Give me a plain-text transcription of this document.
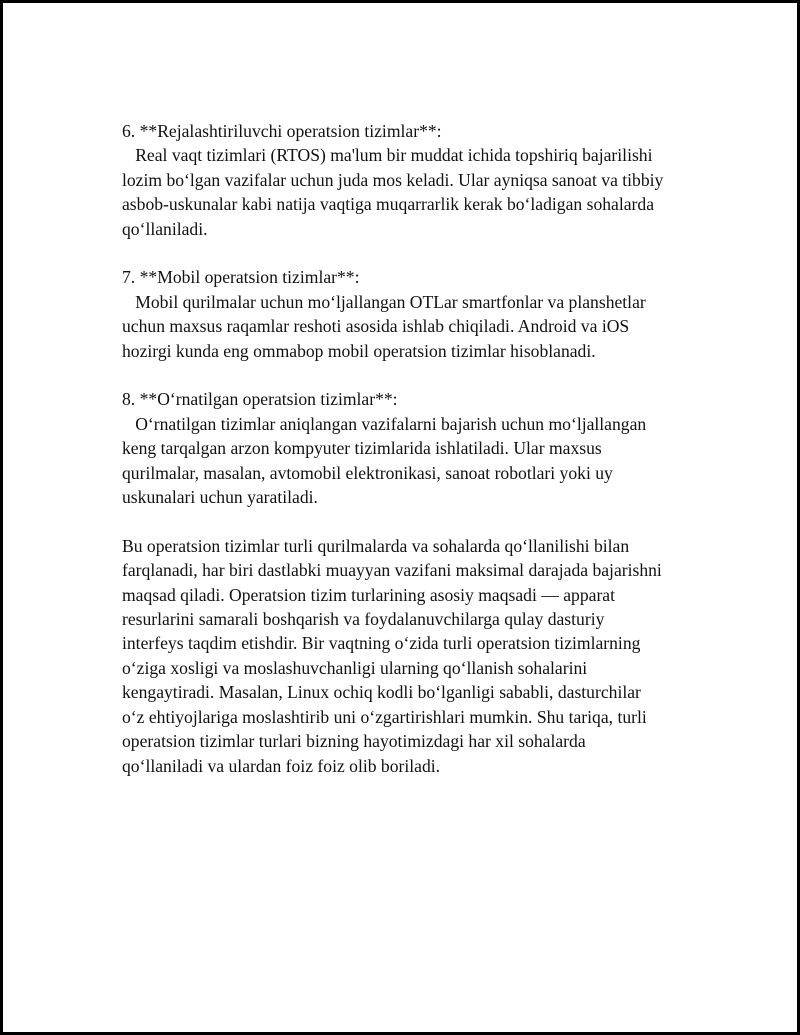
6. **Rejalashtiriluvchi operatsion tizimlar**:
Real vaqt tizimlari (RTOS) ma'lum bir muddat ichida topshiriq bajarilishi
lozim boʻlgan vazifalar uchun juda mos keladi. Ular ayniqsa sanoat va tibbiy
asbob-uskunalar kabi natija vaqtiga muqarrarlik kerak boʻladigan sohalarda
qoʻllaniladi.
7. **Mobil operatsion tizimlar**:
Mobil qurilmalar uchun moʻljallangan OTLar smartfonlar va planshetlar
uchun maxsus raqamlar reshoti asosida ishlab chiqiladi. Android va iOS
hozirgi kunda eng ommabop mobil operatsion tizimlar hisoblanadi.
8. **Oʻrnatilgan operatsion tizimlar**:
Oʻrnatilgan tizimlar aniqlangan vazifalarni bajarish uchun moʻljallangan
keng tarqalgan arzon kompyuter tizimlarida ishlatiladi. Ular maxsus
qurilmalar, masalan, avtomobil elektronikasi, sanoat robotlari yoki uy
uskunalari uchun yaratiladi.
Bu operatsion tizimlar turli qurilmalarda va sohalarda qoʻllanilishi bilan
farqlanadi, har biri dastlabki muayyan vazifani maksimal darajada bajarishni
maqsad qiladi. Operatsion tizim turlarining asosiy maqsadi — apparat
resurlarini samarali boshqarish va foydalanuvchilarga qulay dasturiy
interfeys taqdim etishdir. Bir vaqtning oʻzida turli operatsion tizimlarning
oʻziga xosligi va moslashuvchanligi ularning qoʻllanish sohalarini
kengaytiradi. Masalan, Linux ochiq kodli boʻlganligi sababli, dasturchilar
oʻz ehtiyojlariga moslashtirib uni oʻzgartirishlari mumkin. Shu tariqa, turli
operatsion tizimlar turlari bizning hayotimizdagi har xil sohalarda
qoʻllaniladi va ulardan foiz foiz olib boriladi.
